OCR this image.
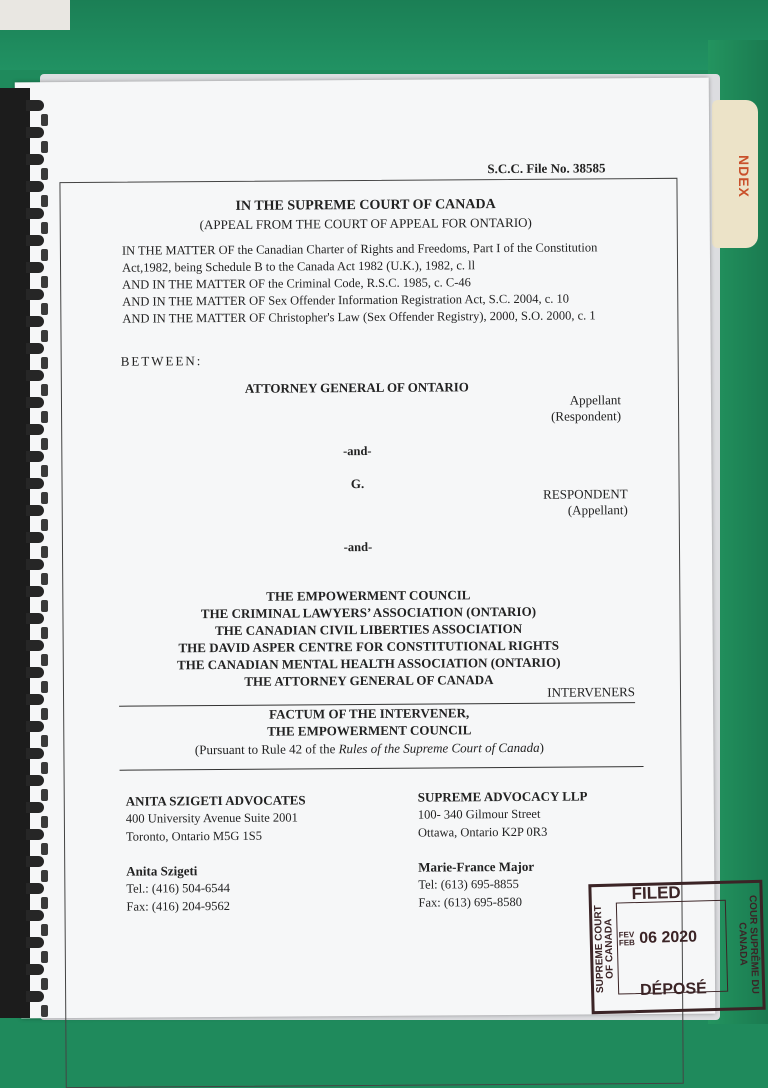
NDEX
S.C.C. File No. 38585
IN THE SUPREME COURT OF CANADA
(APPEAL FROM THE COURT OF APPEAL FOR ONTARIO)
IN THE MATTER OF the Canadian Charter of Rights and Freedoms, Part I of the Constitution
Act,1982, being Schedule B to the Canada Act 1982 (U.K.), 1982, c. ll
AND IN THE MATTER OF the Criminal Code, R.S.C. 1985, c. C-46
AND IN THE MATTER OF Sex Offender Information Registration Act, S.C. 2004, c. 10
AND IN THE MATTER OF Christopher's Law (Sex Offender Registry), 2000, S.O. 2000, c. 1
BETWEEN:
ATTORNEY GENERAL OF ONTARIO
Appellant
(Respondent)
-and-
G.
RESPONDENT
(Appellant)
-and-
THE EMPOWERMENT COUNCIL
THE CRIMINAL LAWYERS’ ASSOCIATION (ONTARIO)
THE CANADIAN CIVIL LIBERTIES ASSOCIATION
THE DAVID ASPER CENTRE FOR CONSTITUTIONAL RIGHTS
THE CANADIAN MENTAL HEALTH ASSOCIATION (ONTARIO)
THE ATTORNEY GENERAL OF CANADA
INTERVENERS
FACTUM OF THE INTERVENER,
THE EMPOWERMENT COUNCIL
(Pursuant to Rule 42 of the Rules of the Supreme Court of Canada)
ANITA SZIGETI ADVOCATES
400 University Avenue Suite 2001
Toronto, Ontario M5G 1S5
Anita Szigeti
Tel.: (416) 504-6544
Fax: (416) 204-9562
SUPREME ADVOCACY LLP
100- 340 Gilmour Street
Ottawa, Ontario K2P 0R3
Marie-France Major
Tel: (613) 695-8855
Fax: (613) 695-8580	FILED
SUPREME COURT OF CANADA	COUR SUPRÊME DU CANADA
FEV
FEB 06 2020
DÉPOSÉ
